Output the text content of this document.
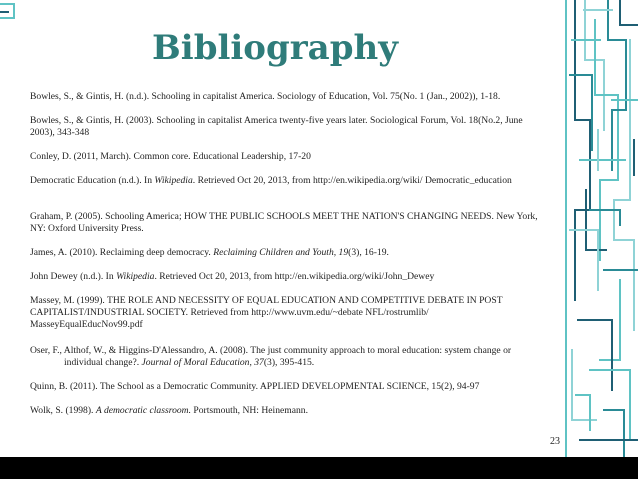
Bibliography
Bowles, S., & Gintis, H. (n.d.). Schooling in capitalist America. Sociology of Education, Vol. 75(No. 1 (Jan., 2002)), 1-18.
Bowles, S., & Gintis, H. (2003). Schooling in capitalist America twenty-five years later. Sociological Forum, Vol. 18(No.2, June 2003), 343-348
Conley, D. (2011, March). Common core. Educational Leadership, 17-20
Democratic Education (n.d.). In Wikipedia. Retrieved Oct 20, 2013, from http://en.wikipedia.org/wiki/ Democratic_education
Graham, P. (2005). Schooling America; HOW THE PUBLIC SCHOOLS MEET THE NATION'S CHANGING NEEDS. New York, NY: Oxford University Press.
James, A. (2010). Reclaiming deep democracy. Reclaiming Children and Youth, 19(3), 16-19.
John Dewey (n.d.). In Wikipedia. Retrieved Oct 20, 2013, from http://en.wikipedia.org/wiki/John_Dewey
Massey, M. (1999). THE ROLE AND NECESSITY OF EQUAL EDUCATION AND COMPETITIVE DEBATE IN POST CAPITALIST/INDUSTRIAL SOCIETY. Retrieved from http://www.uvm.edu/~debate NFL/rostrumlib/ MasseyEqualEducNov99.pdf
Oser, F., Althof, W., & Higgins-D'Alessandro, A. (2008). The just community approach to moral education: system change or individual change?. Journal of Moral Education, 37(3), 395-415.
Quinn, B. (2011). The School as a Democratic Community. APPLIED DEVELOPMENTAL SCIENCE, 15(2), 94-97
Wolk, S. (1998). A democratic classroom. Portsmouth, NH: Heinemann.
23
